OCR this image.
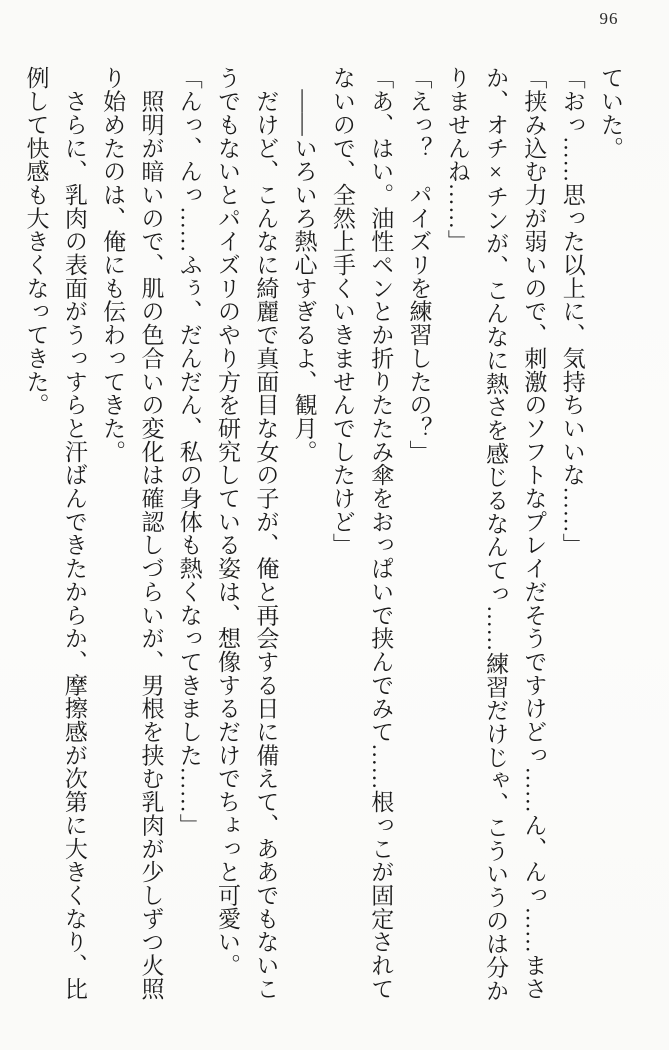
96

ていた。

「おっ……思った以上に、気持ちいいな……」

「挟み込む力が弱いので、刺激のソフトなプレイだそうですけどっ……ん、んっ……まさ

か、オチ×チンが、こんなに熱さを感じるなんてっ……練習だけじゃ、こういうのは分か

りませんね……」

「えっ？　パイズリを練習したの？」

「あ、はい。油性ペンとか折りたたみ傘をおっぱいで挟んでみて……根っこが固定されて

ないので、全然上手くいきませんでしたけど」

　――いろいろ熱心すぎるよ、観月。

　だけど、こんなに綺麗で真面目な女の子が、俺と再会する日に備えて、ああでもないこ

うでもないとパイズリのやり方を研究している姿は、想像するだけでちょっと可愛い。

「んっ、んっ……ふぅ、だんだん、私の身体も熱くなってきました……」

　照明が暗いので、肌の色合いの変化は確認しづらいが、男根を挟む乳肉が少しずつ火照

り始めたのは、俺にも伝わってきた。

　さらに、乳肉の表面がうっすらと汗ばんできたからか、摩擦感が次第に大きくなり、比

例して快感も大きくなってきた。
